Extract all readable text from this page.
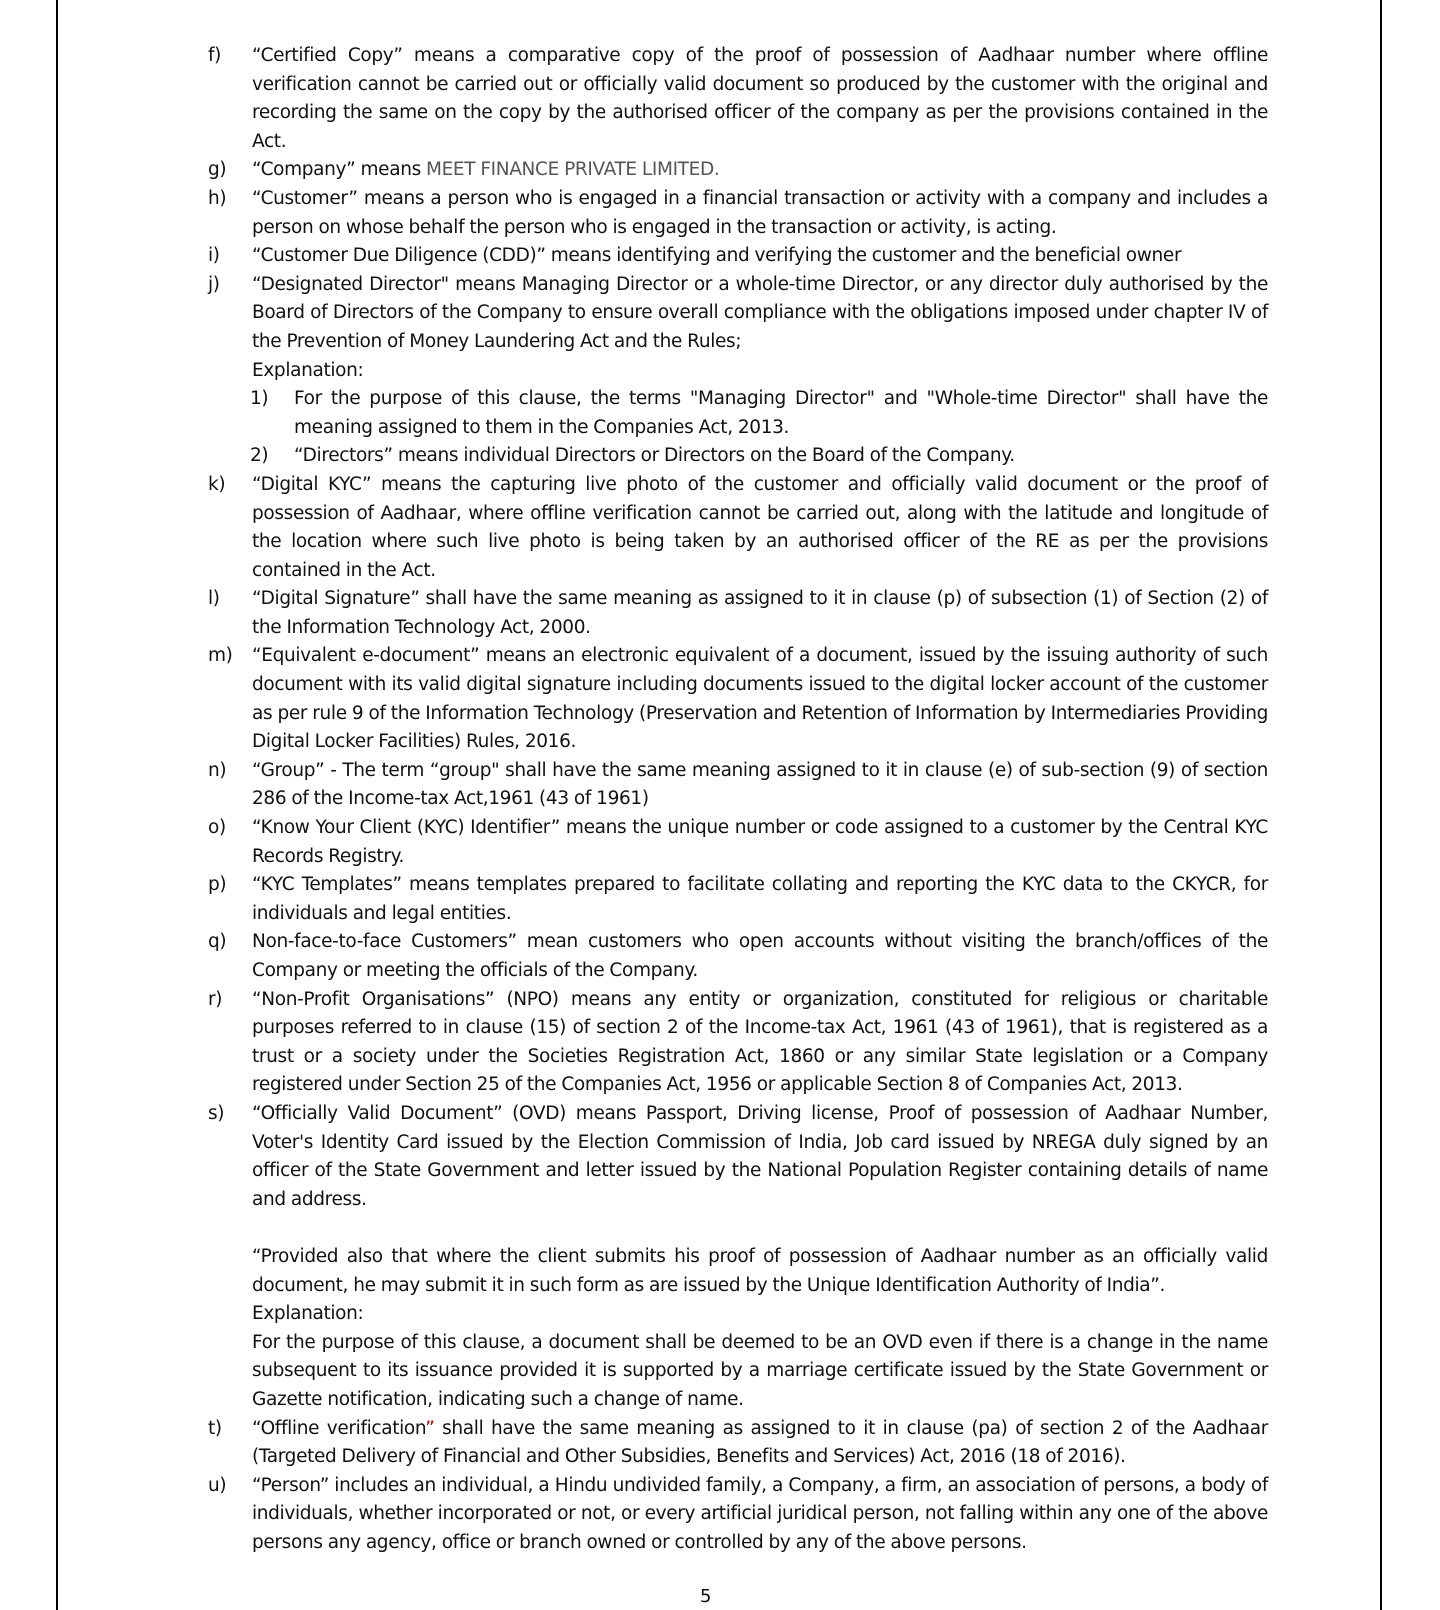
f) “Certified Copy” means a comparative copy of the proof of possession of Aadhaar number where offline verification cannot be carried out or officially valid document so produced by the customer with the original and recording the same on the copy by the authorised officer of the company as per the provisions contained in the Act.

g) “Company” means MEET FINANCE PRIVATE LIMITED.

h) “Customer” means a person who is engaged in a financial transaction or activity with a company and includes a person on whose behalf the person who is engaged in the transaction or activity, is acting.

i) “Customer Due Diligence (CDD)” means identifying and verifying the customer and the beneficial owner

j) “Designated Director" means Managing Director or a whole-time Director, or any director duly authorised by the Board of Directors of the Company to ensure overall compliance with the obligations imposed under chapter IV of the Prevention of Money Laundering Act and the Rules;

Explanation:

1) For the purpose of this clause, the terms "Managing Director" and "Whole-time Director" shall have the meaning assigned to them in the Companies Act, 2013.

2) “Directors” means individual Directors or Directors on the Board of the Company.

k) “Digital KYC” means the capturing live photo of the customer and officially valid document or the proof of possession of Aadhaar, where offline verification cannot be carried out, along with the latitude and longitude of the location where such live photo is being taken by an authorised officer of the RE as per the provisions contained in the Act.

l) “Digital Signature” shall have the same meaning as assigned to it in clause (p) of subsection (1) of Section (2) of the Information Technology Act, 2000.

m) “Equivalent e-document” means an electronic equivalent of a document, issued by the issuing authority of such document with its valid digital signature including documents issued to the digital locker account of the customer as per rule 9 of the Information Technology (Preservation and Retention of Information by Intermediaries Providing Digital Locker Facilities) Rules, 2016.

n) “Group” - The term “group" shall have the same meaning assigned to it in clause (e) of sub-section (9) of section 286 of the Income-tax Act,1961 (43 of 1961)

o) “Know Your Client (KYC) Identifier” means the unique number or code assigned to a customer by the Central KYC Records Registry.

p) “KYC Templates” means templates prepared to facilitate collating and reporting the KYC data to the CKYCR, for individuals and legal entities.

q) Non-face-to-face Customers” mean customers who open accounts without visiting the branch/offices of the Company or meeting the officials of the Company.

r) “Non-Profit Organisations” (NPO) means any entity or organization, constituted for religious or charitable purposes referred to in clause (15) of section 2 of the Income-tax Act, 1961 (43 of 1961), that is registered as a trust or a society under the Societies Registration Act, 1860 or any similar State legislation or a Company registered under Section 25 of the Companies Act, 1956 or applicable Section 8 of Companies Act, 2013.

s) “Officially Valid Document” (OVD) means Passport, Driving license, Proof of possession of Aadhaar Number, Voter's Identity Card issued by the Election Commission of India, Job card issued by NREGA duly signed by an officer of the State Government and letter issued by the National Population Register containing details of name and address.

“Provided also that where the client submits his proof of possession of Aadhaar number as an officially valid document, he may submit it in such form as are issued by the Unique Identification Authority of India”.

Explanation:

For the purpose of this clause, a document shall be deemed to be an OVD even if there is a change in the name subsequent to its issuance provided it is supported by a marriage certificate issued by the State Government or Gazette notification, indicating such a change of name.

t) “Offline verification” shall have the same meaning as assigned to it in clause (pa) of section 2 of the Aadhaar (Targeted Delivery of Financial and Other Subsidies, Benefits and Services) Act, 2016 (18 of 2016).

u) “Person” includes an individual, a Hindu undivided family, a Company, a firm, an association of persons, a body of individuals, whether incorporated or not, or every artificial juridical person, not falling within any one of the above persons any agency, office or branch owned or controlled by any of the above persons.

5
